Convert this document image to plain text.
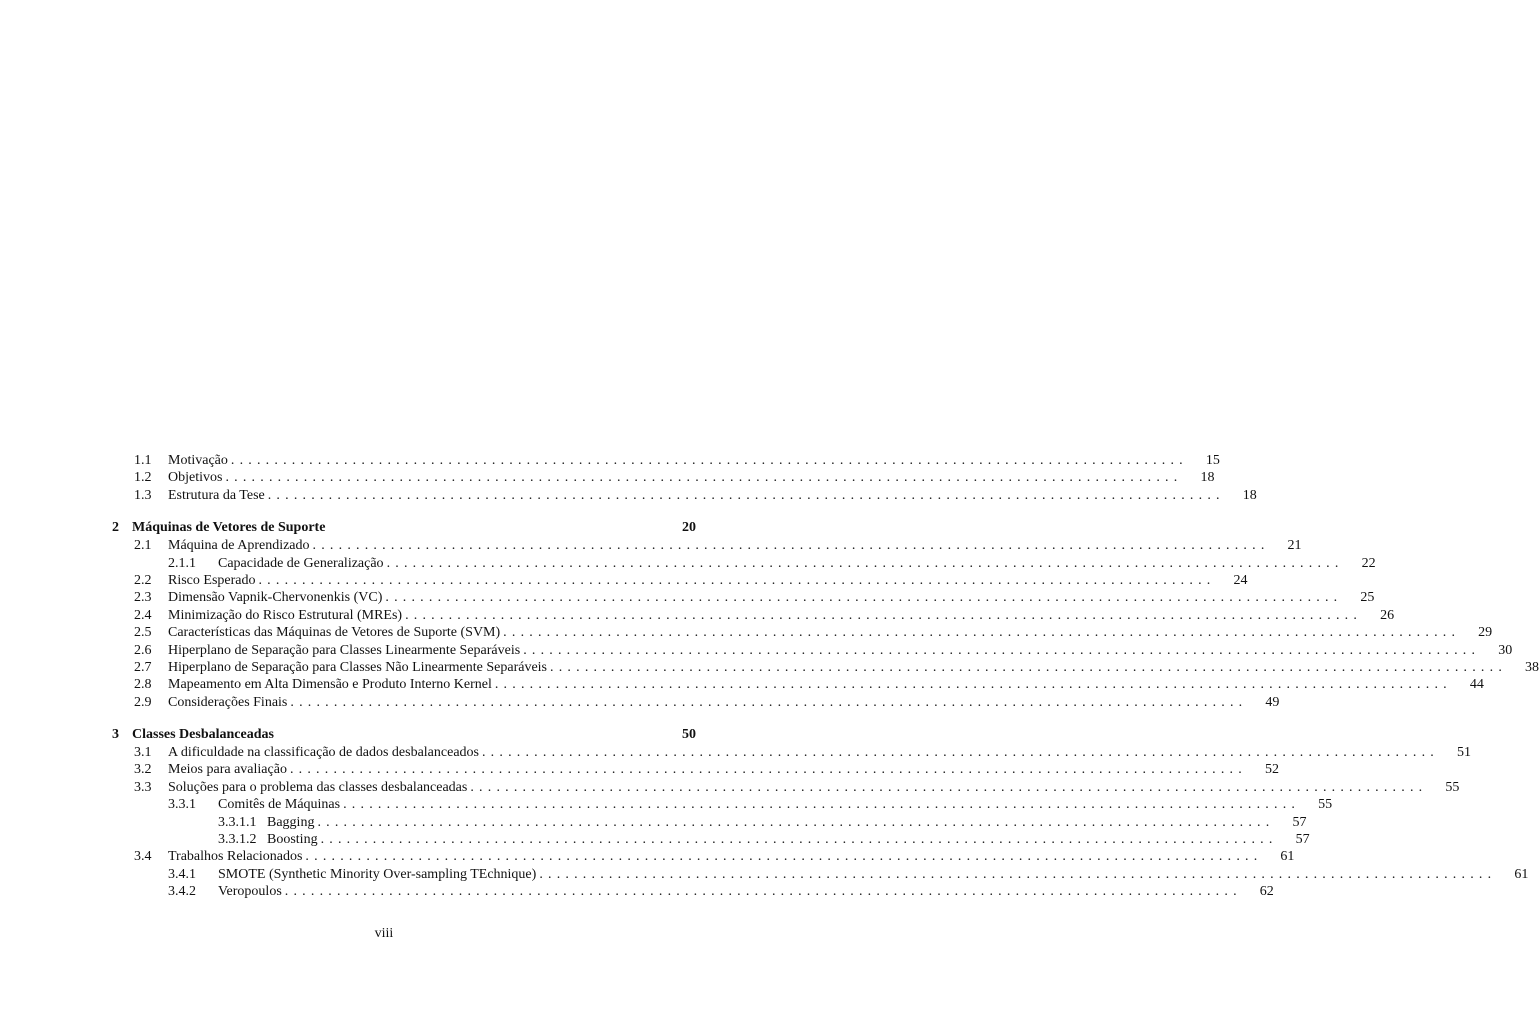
1.1	Motivação ..............................................................................................................	15
1.2	Objetivos ..............................................................................................................	18
1.3	Estrutura da Tese ..............................................................................................................	18
2 Máquinas de Vetores de Suporte	20
2.1	Máquina de Aprendizado ..............................................................................................................	21
2.1.1	Capacidade de Generalização ..............................................................................................................	22
2.2	Risco Esperado ..............................................................................................................	24
2.3	Dimensão Vapnik-Chervonenkis (VC) ..............................................................................................................	25
2.4	Minimização do Risco Estrutural (MREs) ..............................................................................................................	26
2.5	Características das Máquinas de Vetores de Suporte (SVM) ..............................................................................................................	29
2.6	Hiperplano de Separação para Classes Linearmente Separáveis ..............................................................................................................	30
2.7	Hiperplano de Separação para Classes Não Linearmente Separáveis ..............................................................................................................	38
2.8	Mapeamento em Alta Dimensão e Produto Interno Kernel ..............................................................................................................	44
2.9	Considerações Finais ..............................................................................................................	49
3 Classes Desbalanceadas	50
3.1	A dificuldade na classificação de dados desbalanceados ..............................................................................................................	51
3.2	Meios para avaliação ..............................................................................................................	52
3.3	Soluções para o problema das classes desbalanceadas ..............................................................................................................	55
3.3.1	Comitês de Máquinas ..............................................................................................................	55
3.3.1.1 Bagging ..............................................................................................................	57
3.3.1.2 Boosting ..............................................................................................................	57
3.4	Trabalhos Relacionados ..............................................................................................................	61
3.4.1	SMOTE (Synthetic Minority Over-sampling TEchnique) ..............................................................................................................	61
3.4.2	Veropoulos ..............................................................................................................	62
viii
